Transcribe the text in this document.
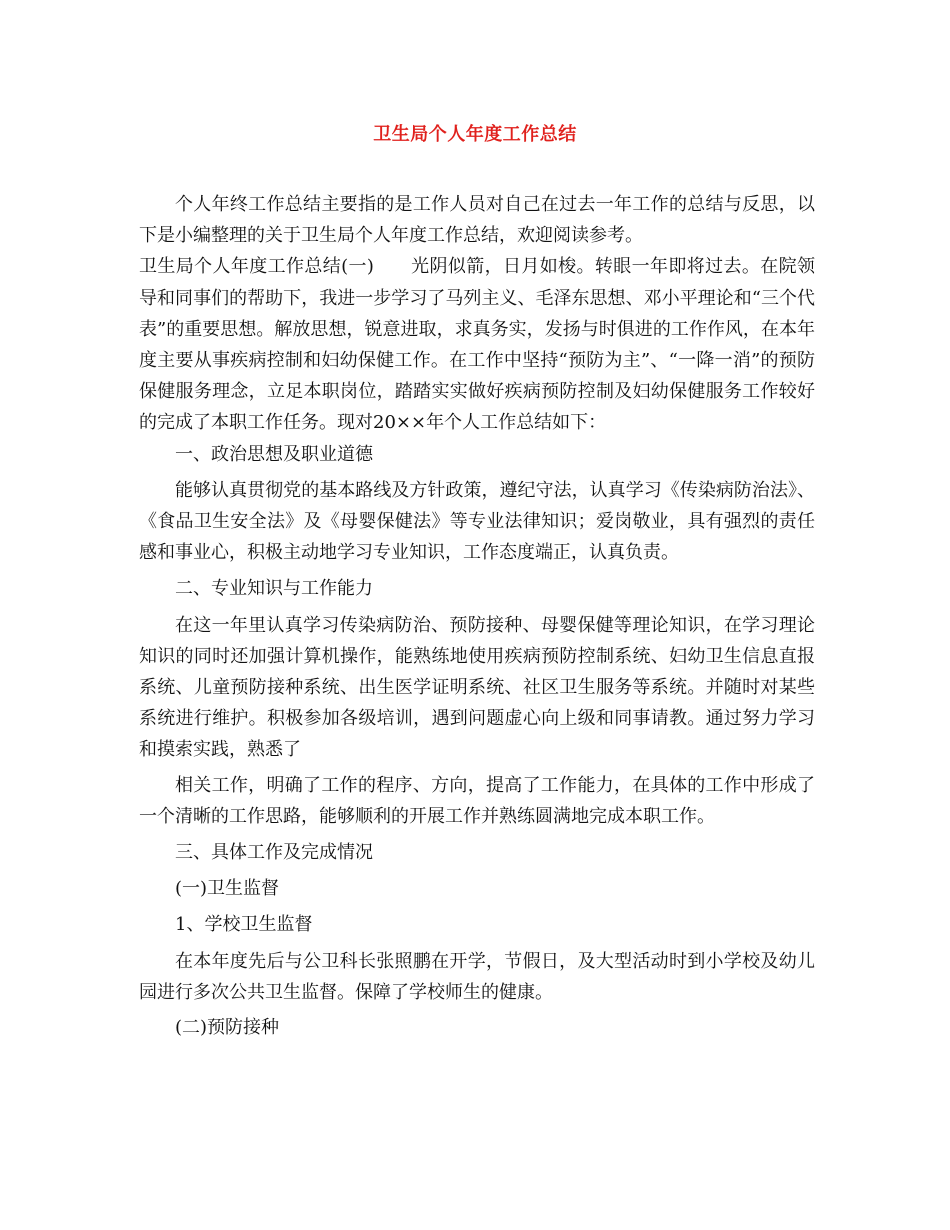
卫生局个人年度工作总结

个人年终工作总结主要指的是工作人员对自己在过去一年工作的总结与反思，以下是小编整理的关于卫生局个人年度工作总结，欢迎阅读参考。

卫生局个人年度工作总结(一)　　光阴似箭，日月如梭。转眼一年即将过去。在院领导和同事们的帮助下，我进一步学习了马列主义、毛泽东思想、邓小平理论和“三个代表”的重要思想。解放思想，锐意进取，求真务实，发扬与时俱进的工作作风，在本年度主要从事疾病控制和妇幼保健工作。在工作中坚持“预防为主”、“一降一消”的预防保健服务理念，立足本职岗位，踏踏实实做好疾病预防控制及妇幼保健服务工作较好的完成了本职工作任务。现对20××年个人工作总结如下：

一、政治思想及职业道德

能够认真贯彻党的基本路线及方针政策，遵纪守法，认真学习《传染病防治法》、《食品卫生安全法》及《母婴保健法》等专业法律知识；爱岗敬业，具有强烈的责任感和事业心，积极主动地学习专业知识，工作态度端正，认真负责。

二、专业知识与工作能力

在这一年里认真学习传染病防治、预防接种、母婴保健等理论知识，在学习理论知识的同时还加强计算机操作，能熟练地使用疾病预防控制系统、妇幼卫生信息直报系统、儿童预防接种系统、出生医学证明系统、社区卫生服务等系统。并随时对某些系统进行维护。积极参加各级培训，遇到问题虚心向上级和同事请教。通过努力学习和摸索实践，熟悉了

相关工作，明确了工作的程序、方向，提高了工作能力，在具体的工作中形成了一个清晰的工作思路，能够顺利的开展工作并熟练圆满地完成本职工作。

三、具体工作及完成情况

(一)卫生监督

1、学校卫生监督

在本年度先后与公卫科长张照鹏在开学，节假日，及大型活动时到小学校及幼儿园进行多次公共卫生监督。保障了学校师生的健康。

(二)预防接种
